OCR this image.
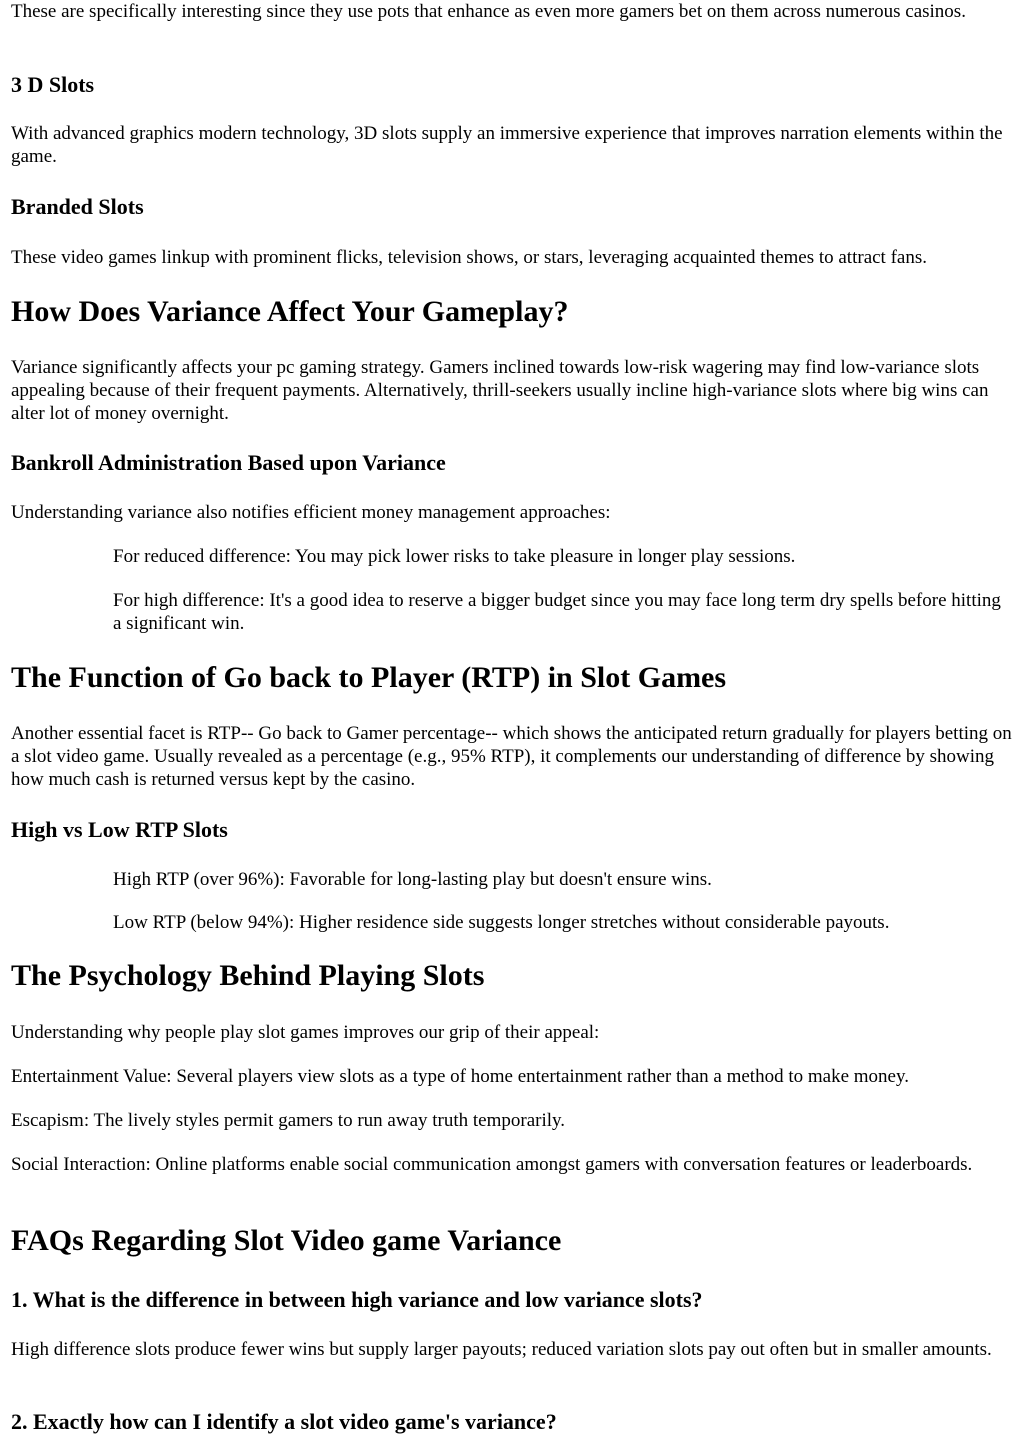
These are specifically interesting since they use pots that enhance as even more gamers bet on them across numerous casinos.

3 D Slots

With advanced graphics modern technology, 3D slots supply an immersive experience that improves narration elements within the game.

Branded Slots

These video games linkup with prominent flicks, television shows, or stars, leveraging acquainted themes to attract fans.

How Does Variance Affect Your Gameplay?

Variance significantly affects your pc gaming strategy. Gamers inclined towards low-risk wagering may find low-variance slots appealing because of their frequent payments. Alternatively, thrill-seekers usually incline high-variance slots where big wins can alter lot of money overnight.

Bankroll Administration Based upon Variance

Understanding variance also notifies efficient money management approaches:

For reduced difference: You may pick lower risks to take pleasure in longer play sessions.

For high difference: It's a good idea to reserve a bigger budget since you may face long term dry spells before hitting a significant win.

The Function of Go back to Player (RTP) in Slot Games

Another essential facet is RTP-- Go back to Gamer percentage-- which shows the anticipated return gradually for players betting on a slot video game. Usually revealed as a percentage (e.g., 95% RTP), it complements our understanding of difference by showing how much cash is returned versus kept by the casino.

High vs Low RTP Slots

High RTP (over 96%): Favorable for long-lasting play but doesn't ensure wins.

Low RTP (below 94%): Higher residence side suggests longer stretches without considerable payouts.

The Psychology Behind Playing Slots

Understanding why people play slot games improves our grip of their appeal:

Entertainment Value: Several players view slots as a type of home entertainment rather than a method to make money.

Escapism: The lively styles permit gamers to run away truth temporarily.

Social Interaction: Online platforms enable social communication amongst gamers with conversation features or leaderboards.

FAQs Regarding Slot Video game Variance
1. What is the difference in between high variance and low variance slots?

High difference slots produce fewer wins but supply larger payouts; reduced variation slots pay out often but in smaller amounts.

2. Exactly how can I identify a slot video game's variance?
